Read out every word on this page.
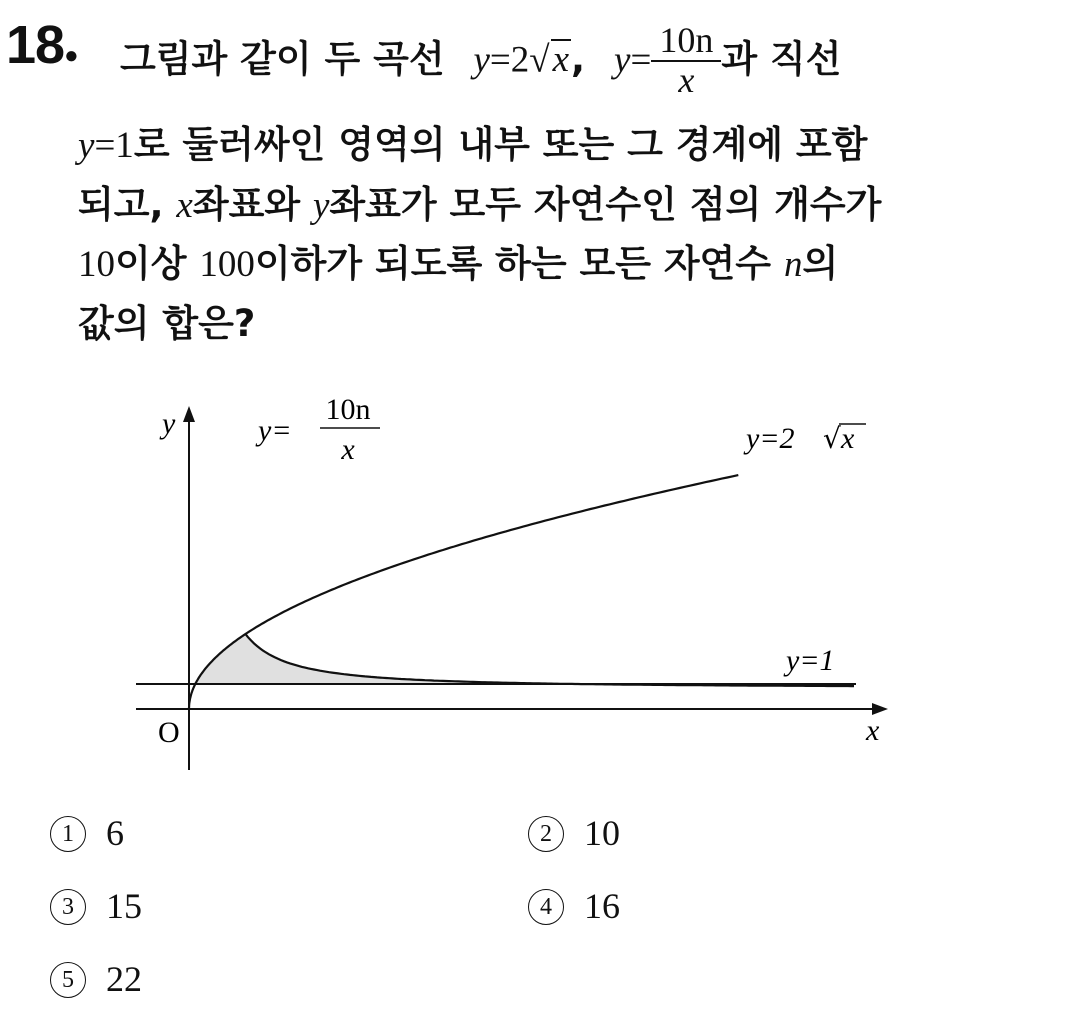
18● 그림과 같이 두 곡선 y=2√x, $y= \frac{10n}{x}$ 과 직선
y=1로 둘러싸인 영역의 내부 또는 그 경계에 포함
되고, x좌표와 y좌표가 모두 자연수인 점의 개수가
10이상 100이하가 되도록 하는 모든 자연수 n의
값의 합은?
y
x
O
y=
10n
x	y=2 √ x
y=1
1 6	2 10
3 15	4 16
5 22
